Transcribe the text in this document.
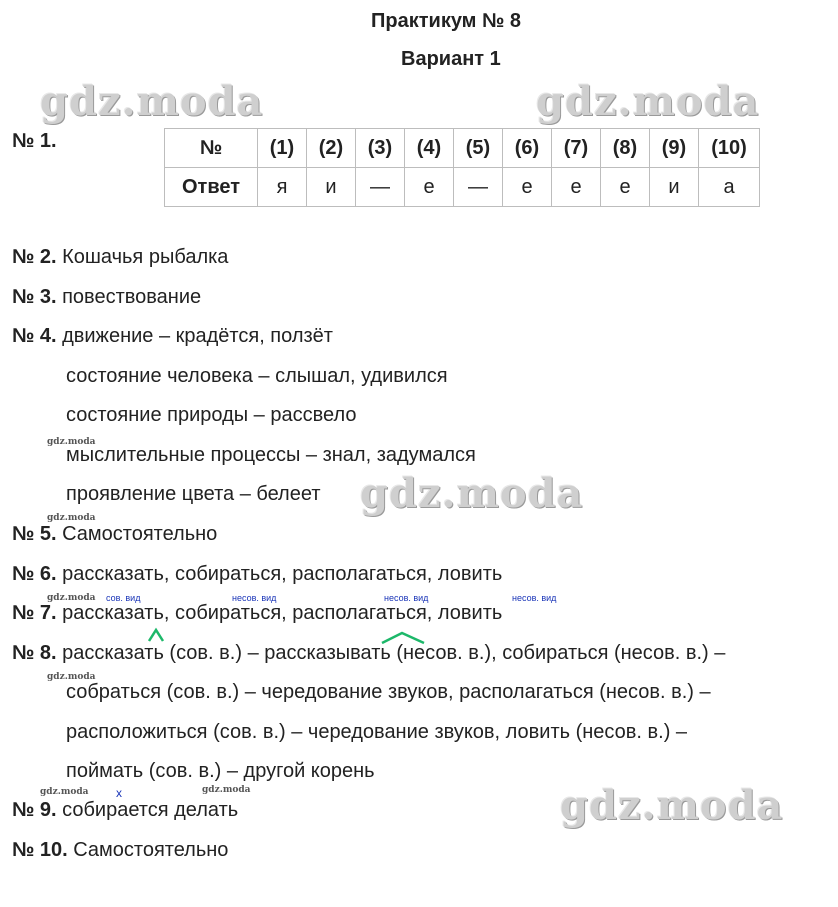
Практикум № 8
Вариант 1
gdz.moda	gdz.moda
gdz.moda
gdz.moda
gdz.moda
gdz.moda
gdz.moda
gdz.moda
gdz.moda	gdz.moda
№ 1.	№	(1)	(2)	(3)	(4)	(5)	(6)	(7)	(8)	(9)	(10)
Ответ	я	и	—	е	—	е	е	е	и	а
№ 2. Кошачья рыбалка
№ 3. повествование
№ 4. движение – крадётся, ползёт
состояние человека – слышал, удивился
состояние природы – рассвело
мыслительные процессы – знал, задумался
проявление цвета – белеет
№ 5. Самостоятельно
№ 6. рассказать, собираться, располагаться, ловить
сов. вид	несов. вид	несов. вид	несов. вид
№ 7. рассказать, собираться, располагаться, ловить
№ 8. рассказать (сов. в.) – рассказывать (несов. в.), собираться (несов. в.) –
собраться (сов. в.) – чередование звуков, располагаться (несов. в.) –
расположиться (сов. в.) – чередование звуков, ловить (несов. в.) –
поймать (сов. в.) – другой корень
x
№ 9. собирается делать
№ 10. Самостоятельно
